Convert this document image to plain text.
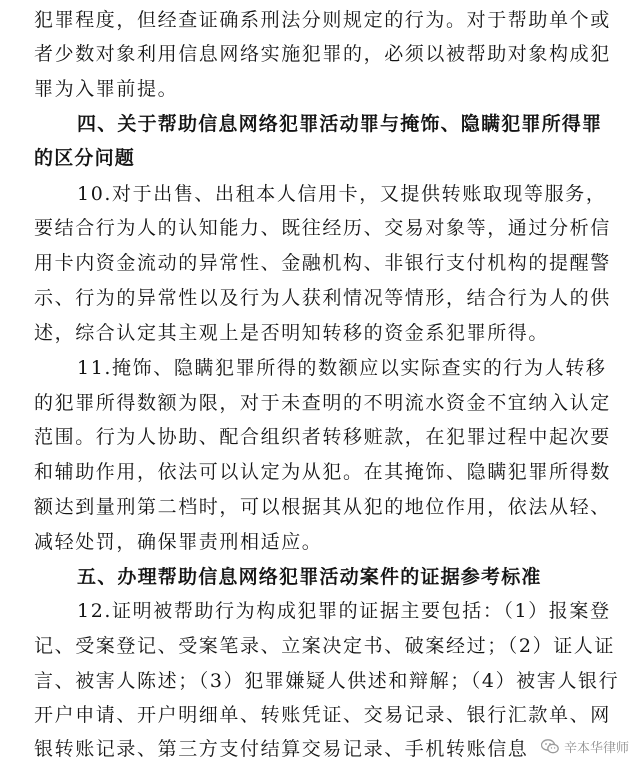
犯罪程度，但经查证确系刑法分则规定的行为。对于帮助单个或
者少数对象利用信息网络实施犯罪的，必须以被帮助对象构成犯
罪为入罪前提。
四、关于帮助信息网络犯罪活动罪与掩饰、隐瞒犯罪所得罪
的区分问题
10.对于出售、出租本人信用卡，又提供转账取现等服务，
要结合行为人的认知能力、既往经历、交易对象等，通过分析信
用卡内资金流动的异常性、金融机构、非银行支付机构的提醒警
示、行为的异常性以及行为人获利情况等情形，结合行为人的供
述，综合认定其主观上是否明知转移的资金系犯罪所得。
11.掩饰、隐瞒犯罪所得的数额应以实际查实的行为人转移
的犯罪所得数额为限，对于未查明的不明流水资金不宜纳入认定
范围。行为人协助、配合组织者转移赃款，在犯罪过程中起次要
和辅助作用，依法可以认定为从犯。在其掩饰、隐瞒犯罪所得数
额达到量刑第二档时，可以根据其从犯的地位作用，依法从轻、
减轻处罚，确保罪责刑相适应。
五、办理帮助信息网络犯罪活动案件的证据参考标准
12.证明被帮助行为构成犯罪的证据主要包括：（1）报案登
记、受案登记、受案笔录、立案决定书、破案经过；（2）证人证
言、被害人陈述；（3）犯罪嫌疑人供述和辩解；（4）被害人银行
开户申请、开户明细单、转账凭证、交易记录、银行汇款单、网
银转账记录、第三方支付结算交易记录、手机转账信息	辛本华律师
